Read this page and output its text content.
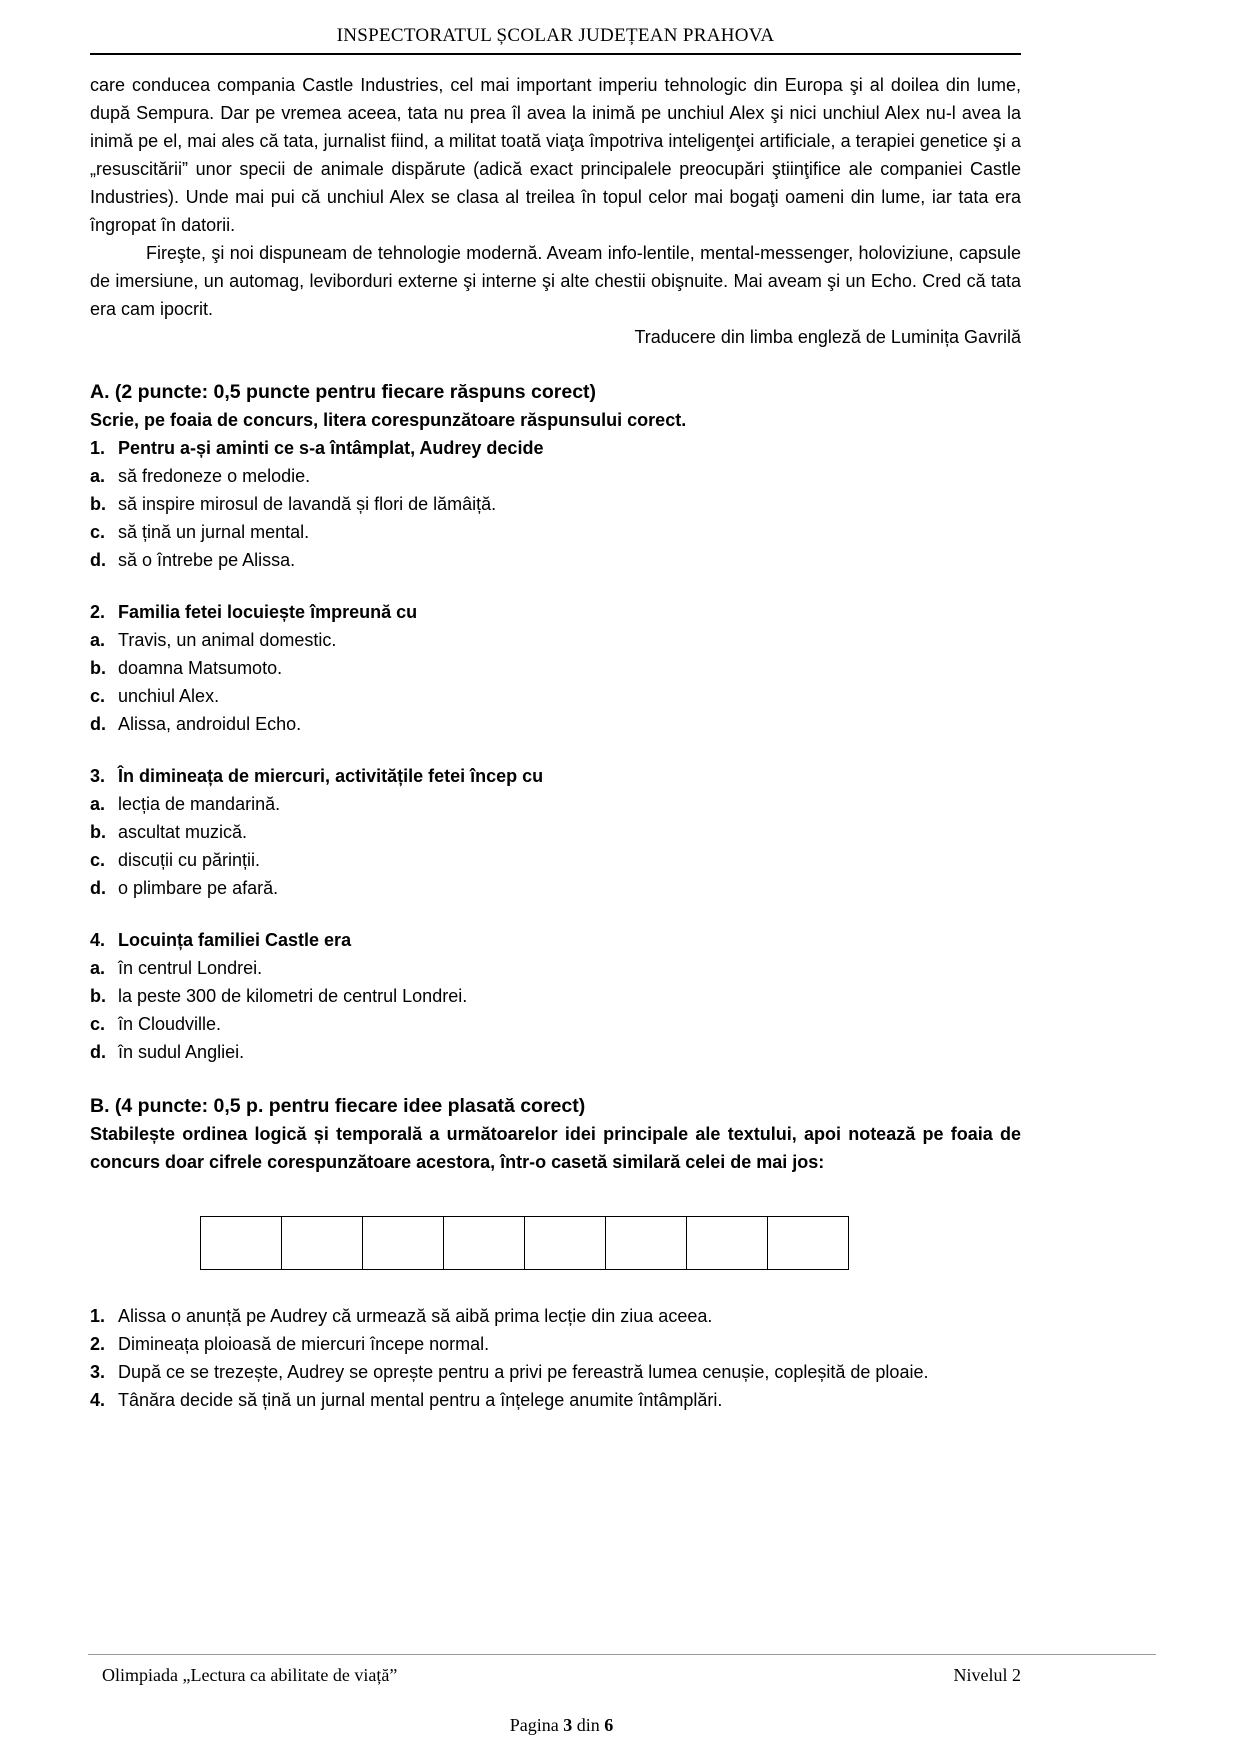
INSPECTORATUL ȘCOLAR JUDEȚEAN PRAHOVA

care conducea compania Castle Industries, cel mai important imperiu tehnologic din Europa şi al doilea din lume, după Sempura. Dar pe vremea aceea, tata nu prea îl avea la inimă pe unchiul Alex şi nici unchiul Alex nu-l avea la inimă pe el, mai ales că tata, jurnalist fiind, a militat toată viaţa împotriva inteligenţei artificiale, a terapiei genetice şi a „resuscitării” unor specii de animale dispărute (adică exact principalele preocupări ştiinţifice ale companiei Castle Industries). Unde mai pui că unchiul Alex se clasa al treilea în topul celor mai bogaţi oameni din lume, iar tata era îngropat în datorii.

Fireşte, şi noi dispuneam de tehnologie modernă. Aveam info-lentile, mental-messenger, holoviziune, capsule de imersiune, un automag, leviborduri externe şi interne şi alte chestii obişnuite. Mai aveam şi un Echo. Cred că tata era cam ipocrit.

Traducere din limba engleză de Luminița Gavrilă

A. (2 puncte: 0,5 puncte pentru fiecare răspuns corect)

Scrie, pe foaia de concurs, litera corespunzătoare răspunsului corect.

1. Pentru a-și aminti ce s-a întâmplat, Audrey decide

a. să fredoneze o melodie.

b. să inspire mirosul de lavandă și flori de lămâiță.

c. să țină un jurnal mental.

d. să o întrebe pe Alissa.

2. Familia fetei locuiește împreună cu

a. Travis, un animal domestic.

b. doamna Matsumoto.

c. unchiul Alex.

d. Alissa, androidul Echo.

3. În dimineața de miercuri, activitățile fetei încep cu

a. lecția de mandarină.

b. ascultat muzică.

c. discuții cu părinții.

d. o plimbare pe afară.

4. Locuința familiei Castle era

a. în centrul Londrei.

b. la peste 300 de kilometri de centrul Londrei.

c. în Cloudville.

d. în sudul Angliei.

B. (4 puncte: 0,5 p. pentru fiecare idee plasată corect)

Stabilește ordinea logică și temporală a următoarelor idei principale ale textului, apoi notează pe foaia de concurs doar cifrele corespunzătoare acestora, într-o casetă similară celei de mai jos:

1. Alissa o anunță pe Audrey că urmează să aibă prima lecție din ziua aceea.

2. Dimineața ploioasă de miercuri începe normal.

3. După ce se trezește, Audrey se oprește pentru a privi pe fereastră lumea cenușie, copleșită de ploaie.

4. Tânăra decide să țină un jurnal mental pentru a înțelege anumite întâmplări.

Olimpiada „Lectura ca abilitate de viață”	Nivelul 2
Pagina 3 din 6
